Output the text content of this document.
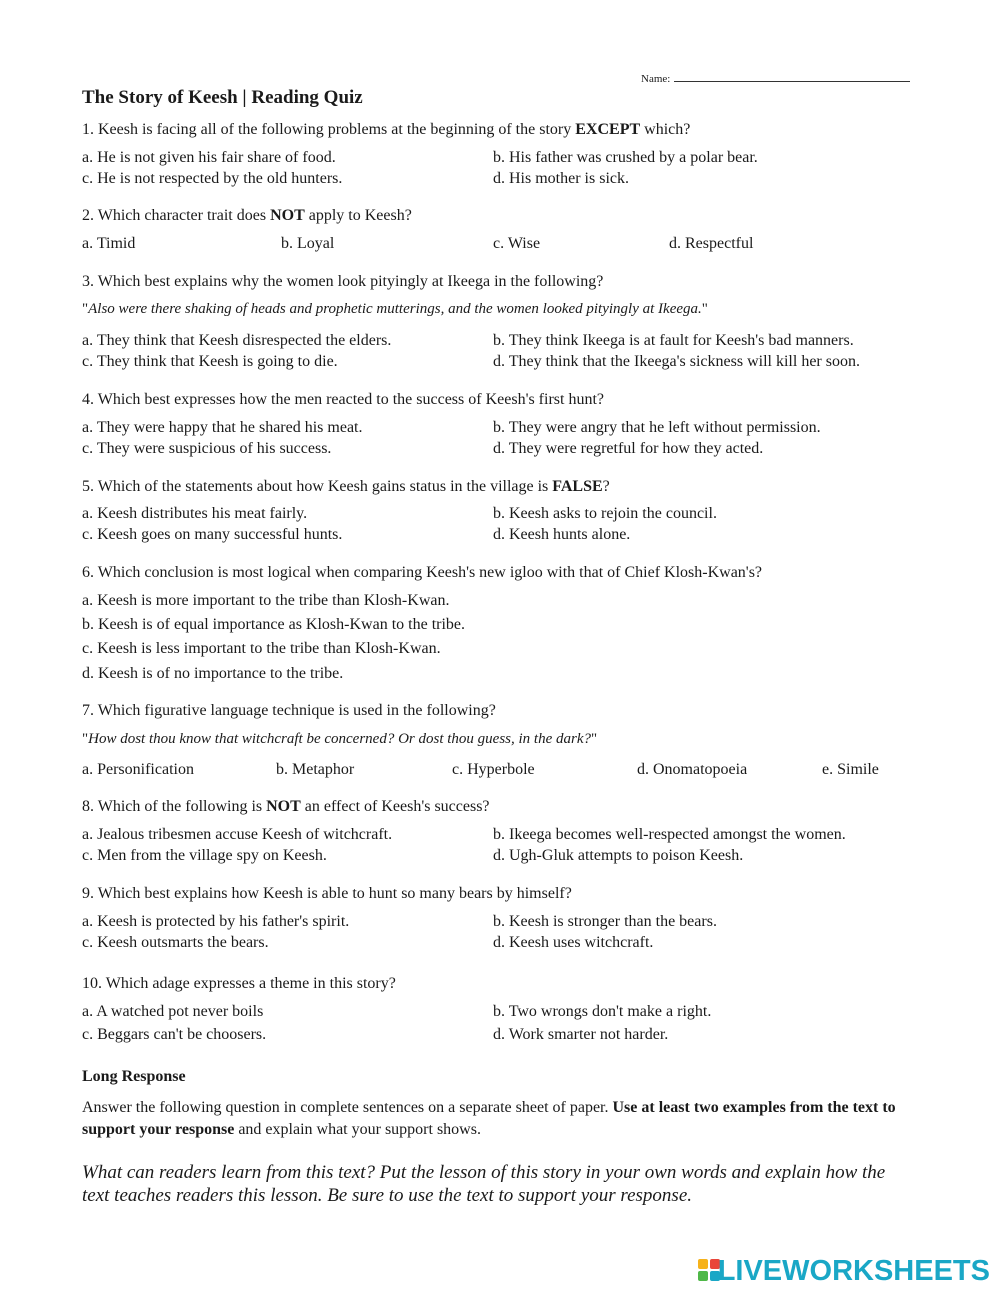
Name:
The Story of Keesh | Reading Quiz
1. Keesh is facing all of the following problems at the beginning of the story EXCEPT which?
a. He is not given his fair share of food.	b. His father was crushed by a polar bear.
c. He is not respected by the old hunters.	d. His mother is sick.
2. Which character trait does NOT apply to Keesh?
a. Timid	b. Loyal	c. Wise	d. Respectful
3. Which best explains why the women look pityingly at Ikeega in the following?
"Also were there shaking of heads and prophetic mutterings, and the women looked pityingly at Ikeega."
a. They think that Keesh disrespected the elders.	b. They think Ikeega is at fault for Keesh's bad manners.
c. They think that Keesh is going to die.	d. They think that the Ikeega's sickness will kill her soon.
4. Which best expresses how the men reacted to the success of Keesh's first hunt?
a. They were happy that he shared his meat.	b. They were angry that he left without permission.
c. They were suspicious of his success.	d. They were regretful for how they acted.
5. Which of the statements about how Keesh gains status in the village is FALSE?
a. Keesh distributes his meat fairly.	b. Keesh asks to rejoin the council.
c. Keesh goes on many successful hunts.	d. Keesh hunts alone.
6. Which conclusion is most logical when comparing Keesh's new igloo with that of Chief Klosh-Kwan's?
a. Keesh is more important to the tribe than Klosh-Kwan.
b. Keesh is of equal importance as Klosh-Kwan to the tribe.
c. Keesh is less important to the tribe than Klosh-Kwan.
d. Keesh is of no importance to the tribe.
7. Which figurative language technique is used in the following?
"How dost thou know that witchcraft be concerned? Or dost thou guess, in the dark?"
a. Personification	b. Metaphor	c. Hyperbole	d. Onomatopoeia	e. Simile
8. Which of the following is NOT an effect of Keesh's success?
a. Jealous tribesmen accuse Keesh of witchcraft.	b. Ikeega becomes well-respected amongst the women.
c. Men from the village spy on Keesh.	d. Ugh-Gluk attempts to poison Keesh.
9. Which best explains how Keesh is able to hunt so many bears by himself?
a. Keesh is protected by his father's spirit.	b. Keesh is stronger than the bears.
c. Keesh outsmarts the bears.	d. Keesh uses witchcraft.
10. Which adage expresses a theme in this story?
a. A watched pot never boils	b. Two wrongs don't make a right.
c. Beggars can't be choosers.	d. Work smarter not harder.
Long Response
Answer the following question in complete sentences on a separate sheet of paper. Use at least two examples from the text to support your response and explain what your support shows.
What can readers learn from this text? Put the lesson of this story in your own words and explain how the text teaches readers this lesson. Be sure to use the text to support your response.
LIVEWORKSHEETS
